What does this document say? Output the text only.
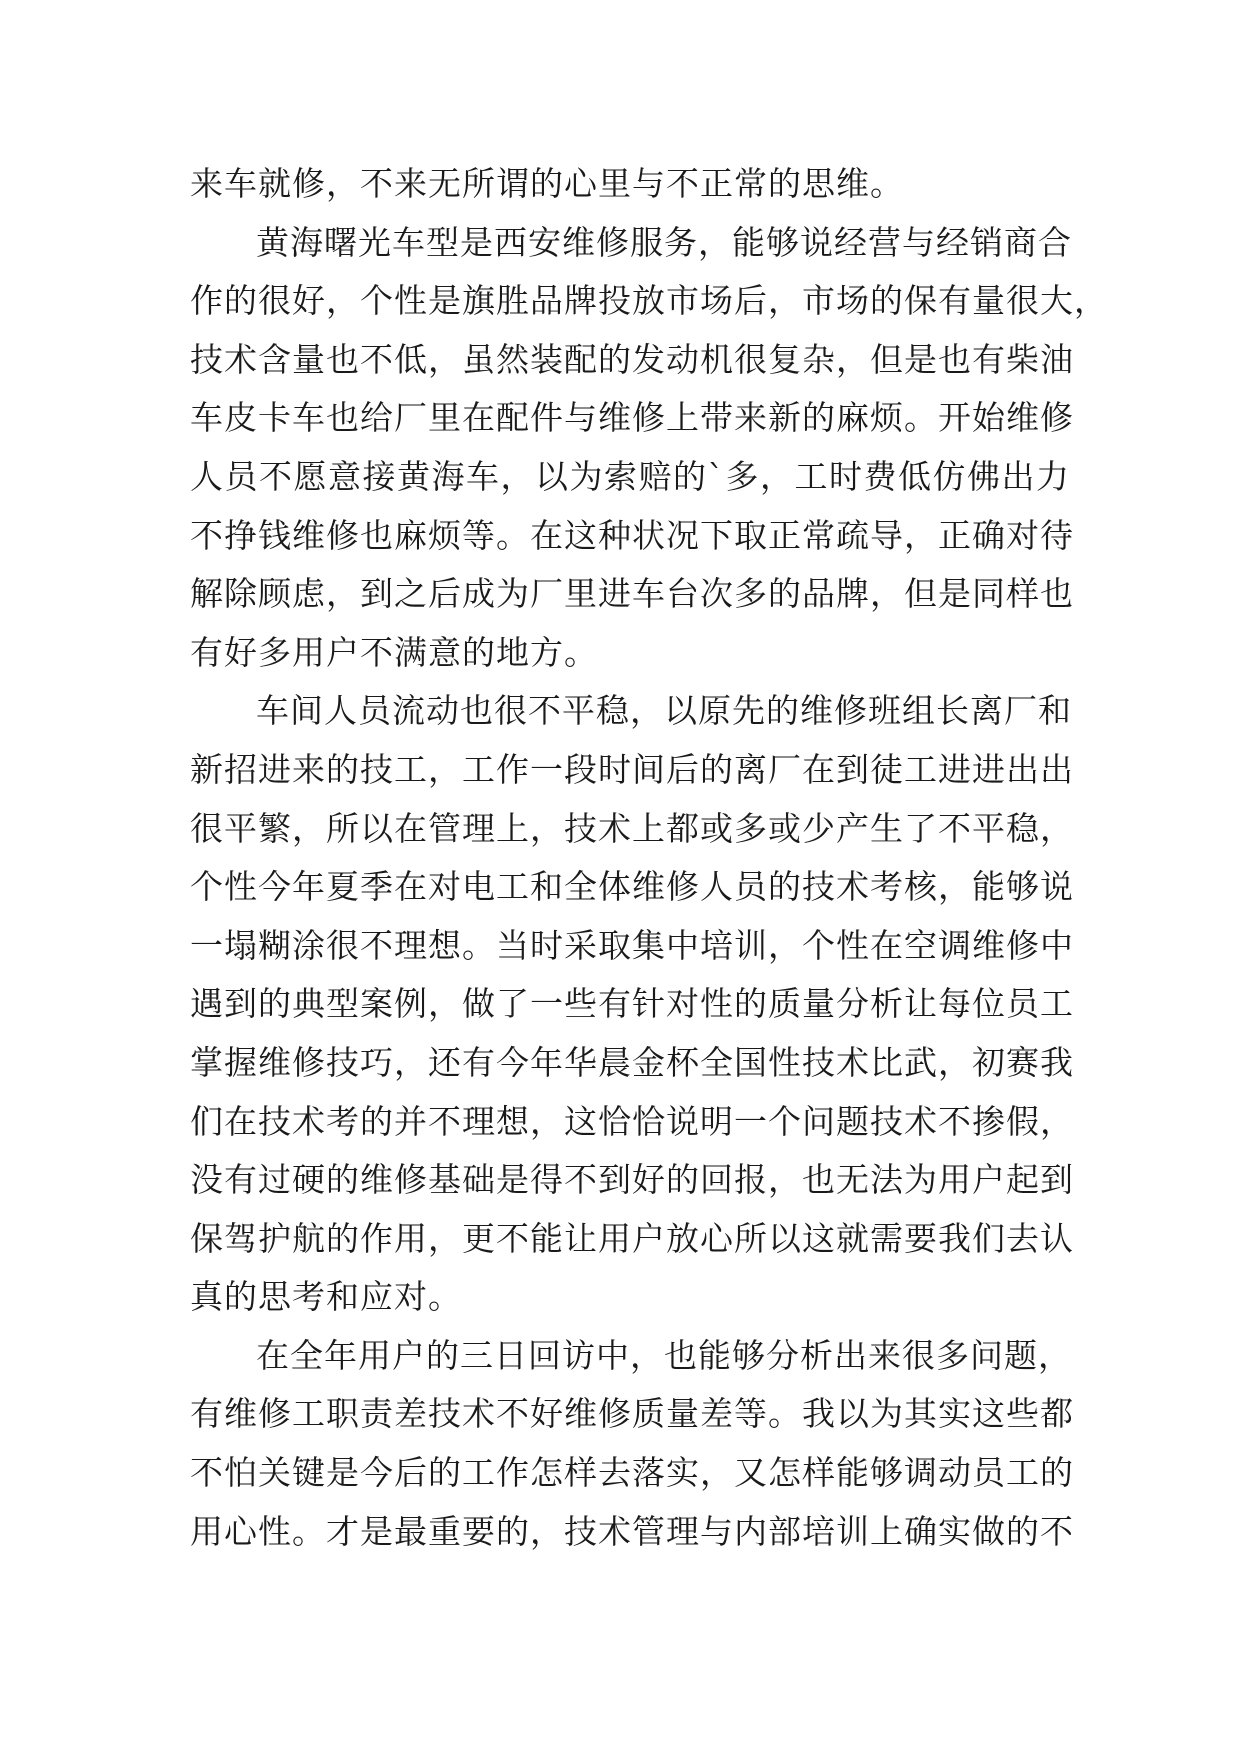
来车就修，不来无所谓的心里与不正常的思维。
黄海曙光车型是西安维修服务，能够说经营与经销商合
作的很好，个性是旗胜品牌投放市场后，市场的保有量很大，
技术含量也不低，虽然装配的发动机很复杂，但是也有柴油
车皮卡车也给厂里在配件与维修上带来新的麻烦。开始维修
人员不愿意接黄海车，以为索赔的`多，工时费低仿佛出力
不挣钱维修也麻烦等。在这种状况下取正常疏导，正确对待
解除顾虑，到之后成为厂里进车台次多的品牌，但是同样也
有好多用户不满意的地方。
车间人员流动也很不平稳，以原先的维修班组长离厂和
新招进来的技工，工作一段时间后的离厂在到徒工进进出出
很平繁，所以在管理上，技术上都或多或少产生了不平稳，
个性今年夏季在对电工和全体维修人员的技术考核，能够说
一塌糊涂很不理想。当时采取集中培训，个性在空调维修中
遇到的典型案例，做了一些有针对性的质量分析让每位员工
掌握维修技巧，还有今年华晨金杯全国性技术比武，初赛我
们在技术考的并不理想，这恰恰说明一个问题技术不掺假，
没有过硬的维修基础是得不到好的回报，也无法为用户起到
保驾护航的作用，更不能让用户放心所以这就需要我们去认
真的思考和应对。
在全年用户的三日回访中，也能够分析出来很多问题，
有维修工职责差技术不好维修质量差等。我以为其实这些都
不怕关键是今后的工作怎样去落实，又怎样能够调动员工的
用心性。才是最重要的，技术管理与内部培训上确实做的不
